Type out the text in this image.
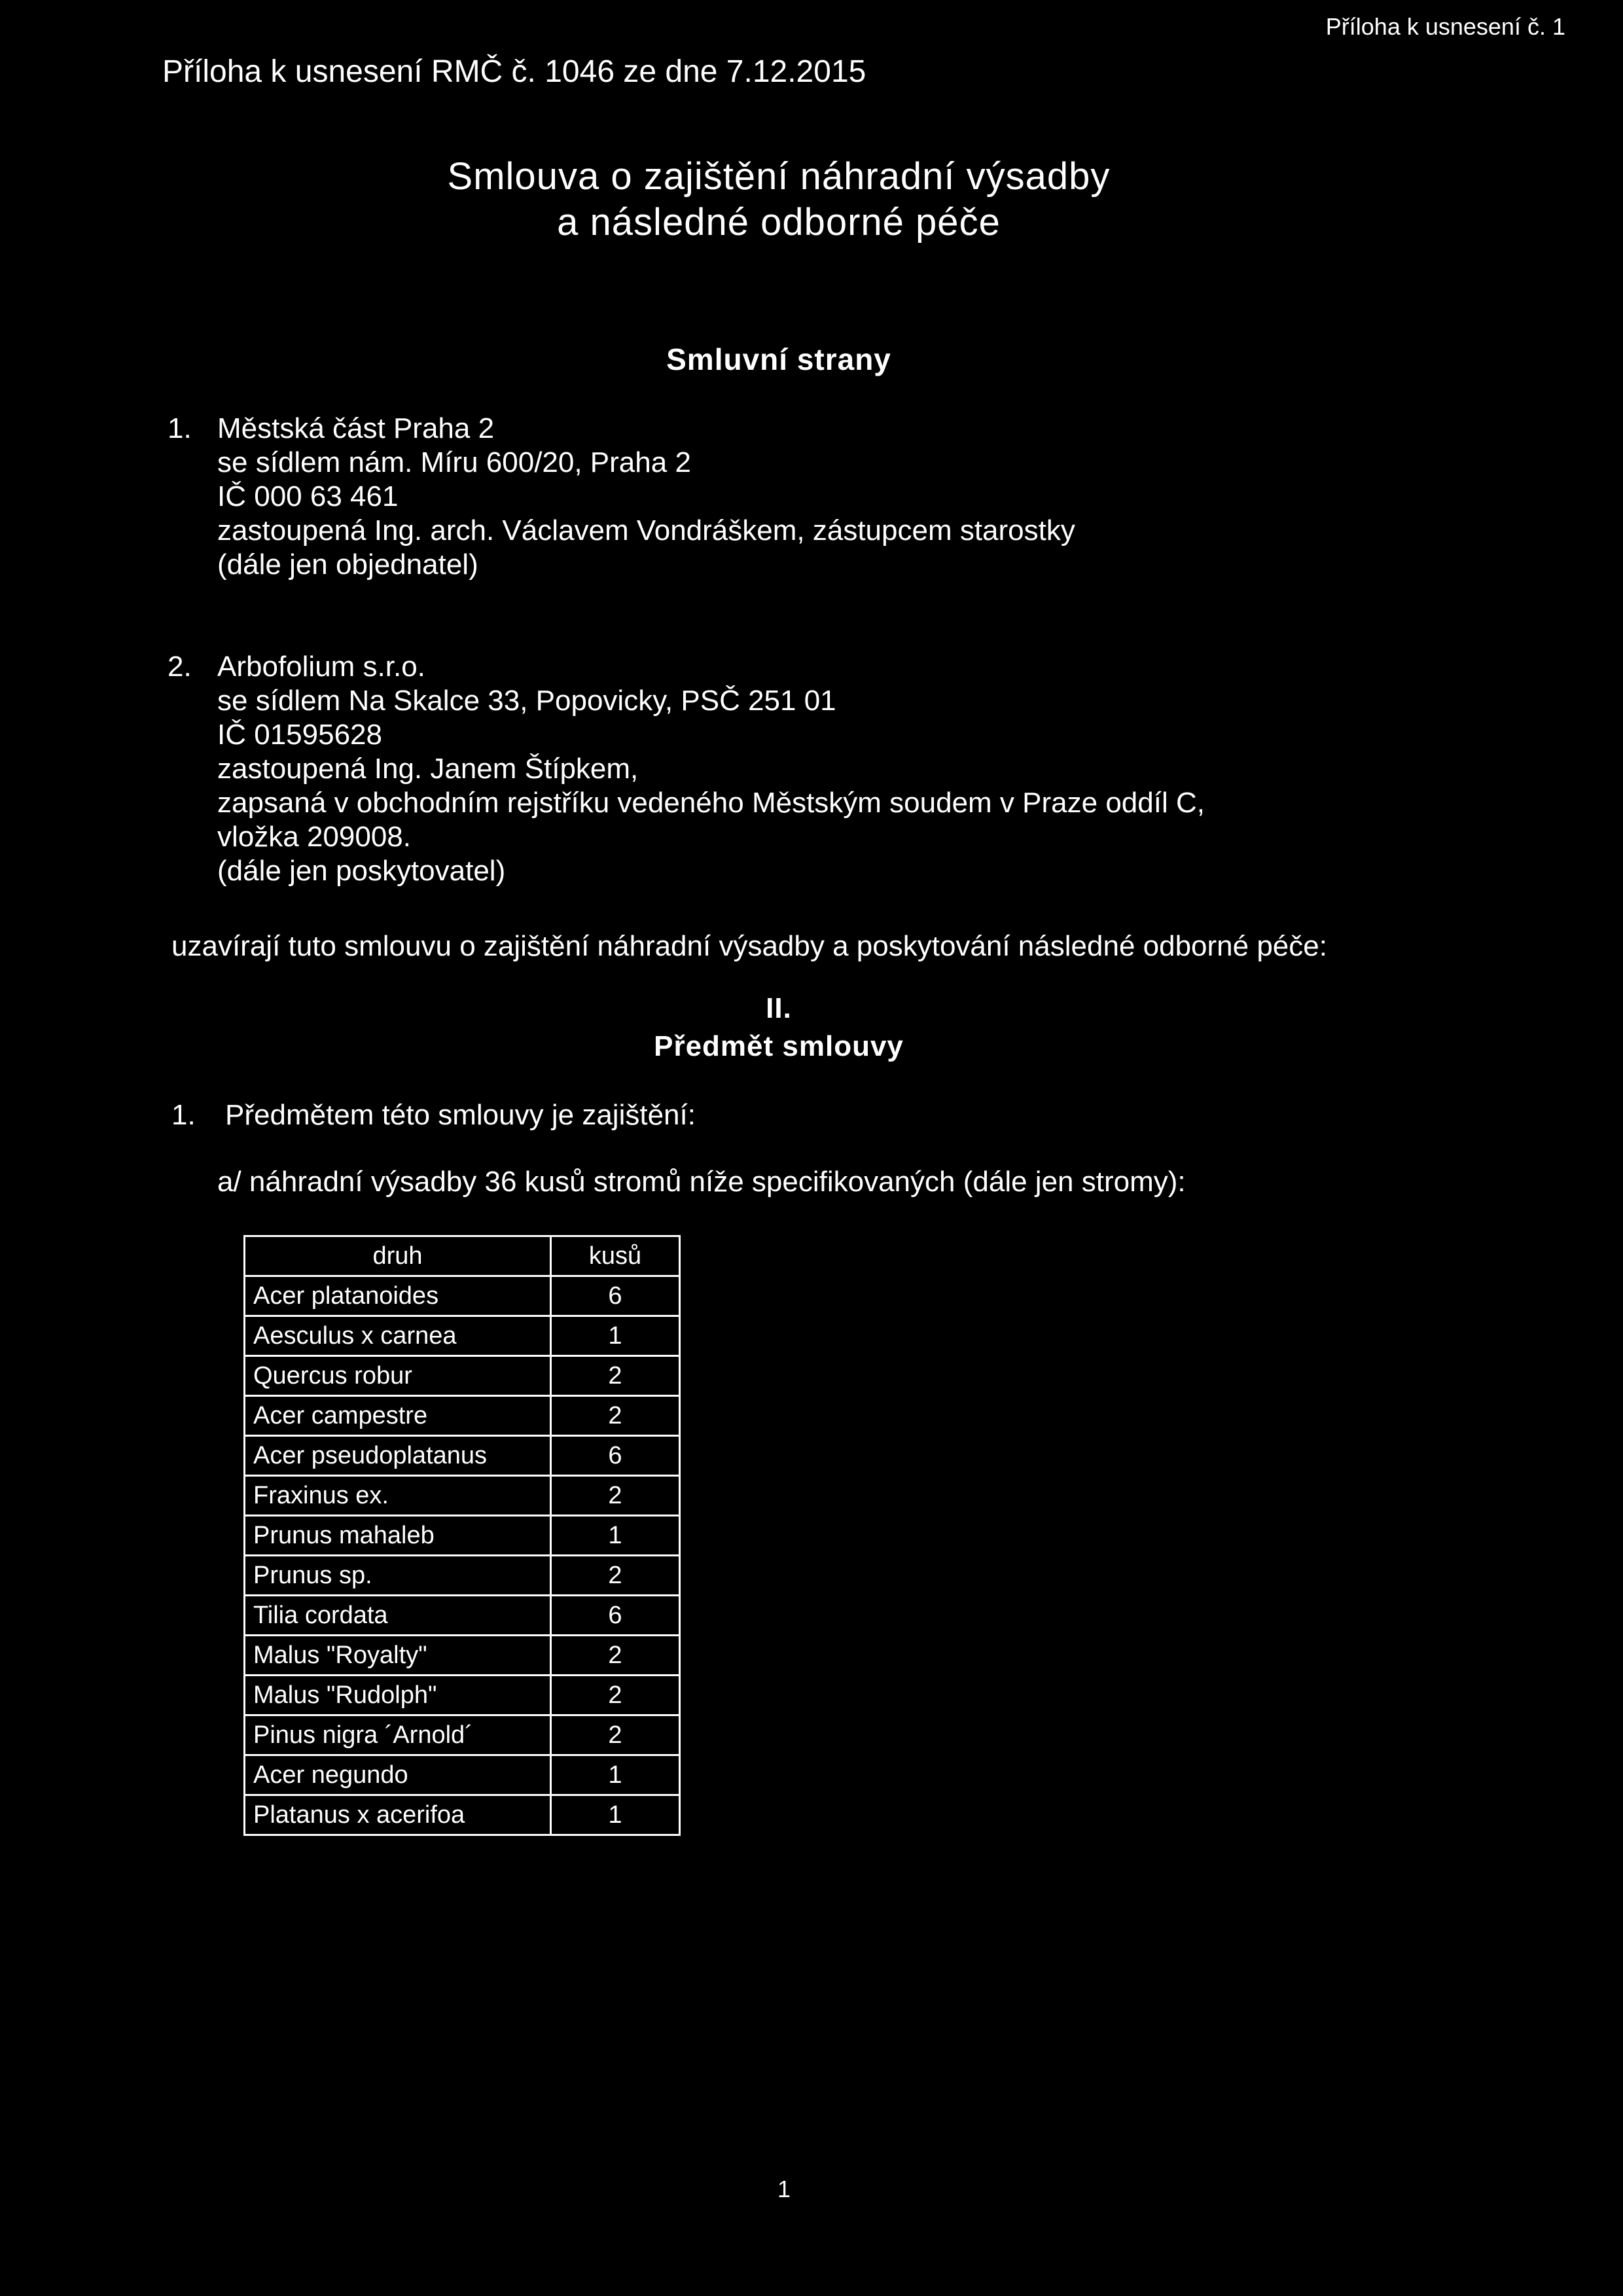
Příloha k usnesení RMČ č. 1046 ze dne 7.12.2015
Příloha k usnesení č. 1
Smlouva o zajištění náhradní výsadby
a následné odborné péče
Smluvní strany
1. Městská část Praha 2
se sídlem nám. Míru 600/20, Praha 2
IČ 000 63 461
zastoupená Ing. arch. Václavem Vondráškem, zástupcem starostky
(dále jen objednatel)
2. Arbofolium s.r.o.
se sídlem Na Skalce 33, Popovicky, PSČ 251 01
IČ 01595628
zastoupená Ing. Janem Štípkem,
zapsaná v obchodním rejstříku vedeného Městským soudem v Praze oddíl C,
vložka 209008.
(dále jen poskytovatel)
uzavírají tuto smlouvu o zajištění náhradní výsadby a poskytování následné odborné péče:
II.
Předmět smlouvy
1. Předmětem této smlouvy je zajištění:
a/ náhradní výsadby 36 kusů stromů níže specifikovaných (dále jen stromy):
druh	kusů
Acer platanoides	6
Aesculus x carnea	1
Quercus robur	2
Acer campestre	2
Acer pseudoplatanus	6
Fraxinus ex.	2
Prunus mahaleb	1
Prunus sp.	2
Tilia cordata	6
Malus "Royalty"	2
Malus "Rudolph"	2
Pinus nigra ´Arnold´	2
Acer negundo	1
Platanus x acerifoa	1
1
